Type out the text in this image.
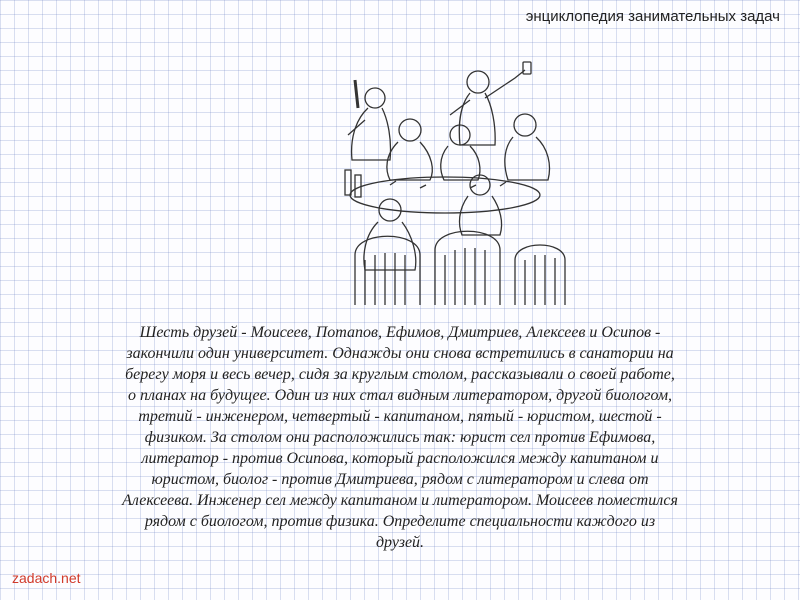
энциклопедия занимательных задач
Шесть друзей - Моисеев, Потапов, Ефимов, Дмитриев, Алексеев и Осипов - закончили один университет. Однажды они снова встретились в санатории на берегу моря и весь вечер, сидя за круглым столом, рассказывали о своей работе, о планах на будущее. Один из них стал видным литератором, другой биологом, третий - инженером, четвертый - капитаном, пятый - юристом, шестой - физиком. За столом они расположились так: юрист сел против Ефимова, литератор - против Осипова, который расположился между капитаном и юристом, биолог - против Дмитриева, рядом с литератором и слева от Алексеева. Инженер сел между капитаном и литератором. Моисеев поместился рядом с биологом, против физика. Определите специальности каждого из друзей.
zadach.net
